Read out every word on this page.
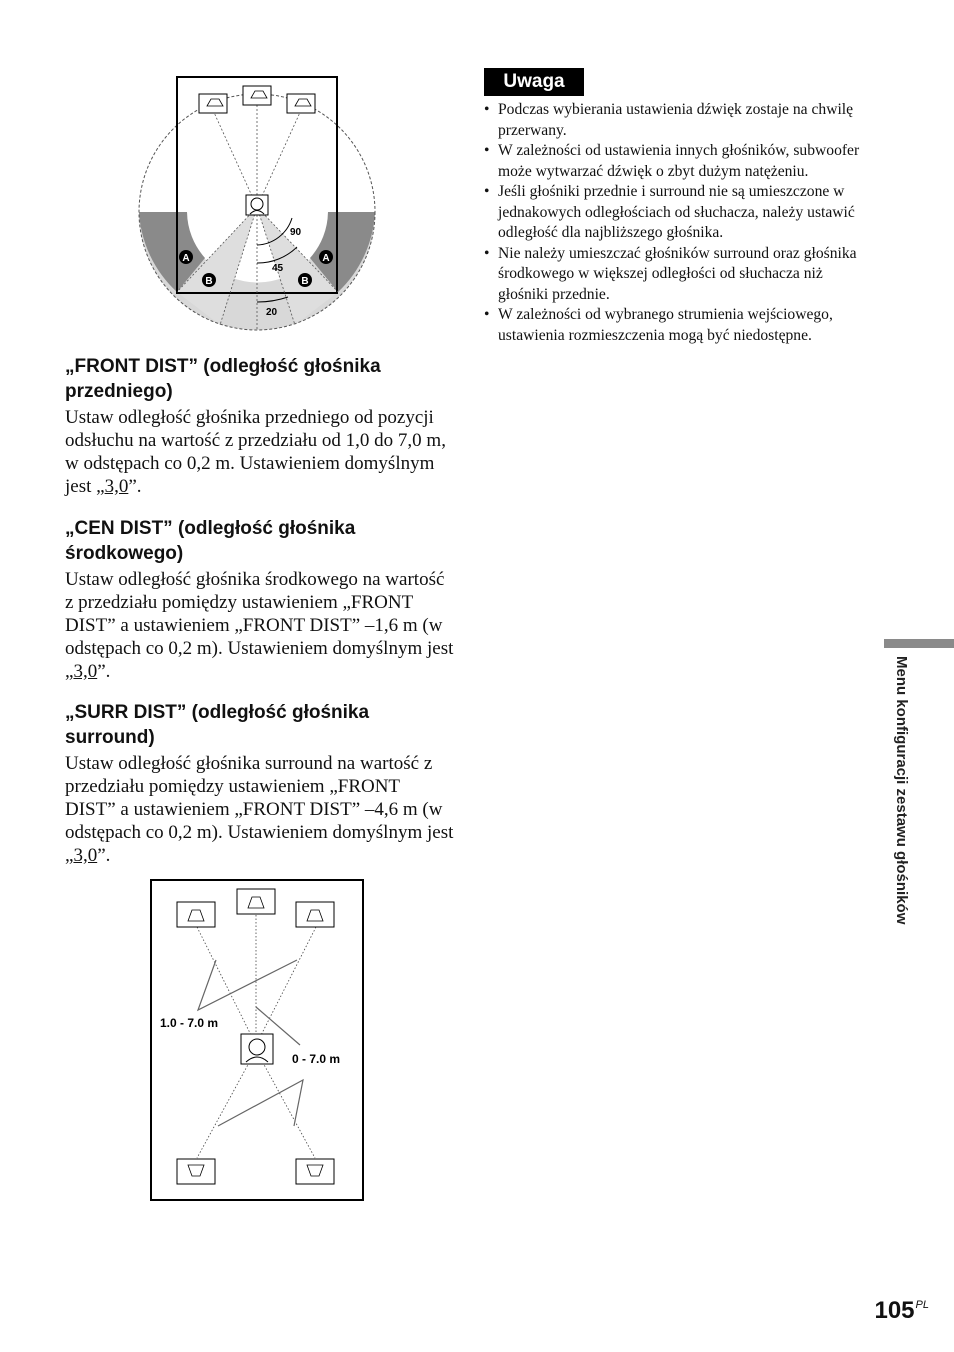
90
45
20
A
B	B
A

„FRONT DIST” (odległość głośnika przedniego)

Ustaw odległość głośnika przedniego od pozycji odsłuchu na wartość z przedziału od 1,0 do 7,0 m, w odstępach co 0,2 m. Ustawieniem domyślnym jest „3,0”.

„CEN DIST” (odległość głośnika środkowego)

Ustaw odległość głośnika środkowego na wartość z przedziału pomiędzy ustawieniem „FRONT DIST” a ustawieniem „FRONT DIST” –1,6 m (w odstępach co 0,2 m). Ustawieniem domyślnym jest „3,0”.

„SURR DIST” (odległość głośnika surround)

Ustaw odległość głośnika surround na wartość z przedziału pomiędzy ustawieniem „FRONT DIST” a ustawieniem „FRONT DIST” –4,6 m (w odstępach co 0,2 m). Ustawieniem domyślnym jest „3,0”.

1.0 - 7.0 m
0 - 7.0 m
Uwaga
• Podczas wybierania ustawienia dźwięk zostaje na chwilę przerwany.
• W zależności od ustawienia innych głośników, subwoofer może wytwarzać dźwięk o zbyt dużym natężeniu.
• Jeśli głośniki przednie i surround nie są umieszczone w jednakowych odległościach od słuchacza, należy ustawić odległość dla najbliższego głośnika.
• Nie należy umieszczać głośników surround oraz głośnika środkowego w większej odległości od słuchacza niż głośniki przednie.
• W zależności od wybranego strumienia wejściowego, ustawienia rozmieszczenia mogą być niedostępne.
Menu konfiguracji zestawu głośników
$105^{PL}$
